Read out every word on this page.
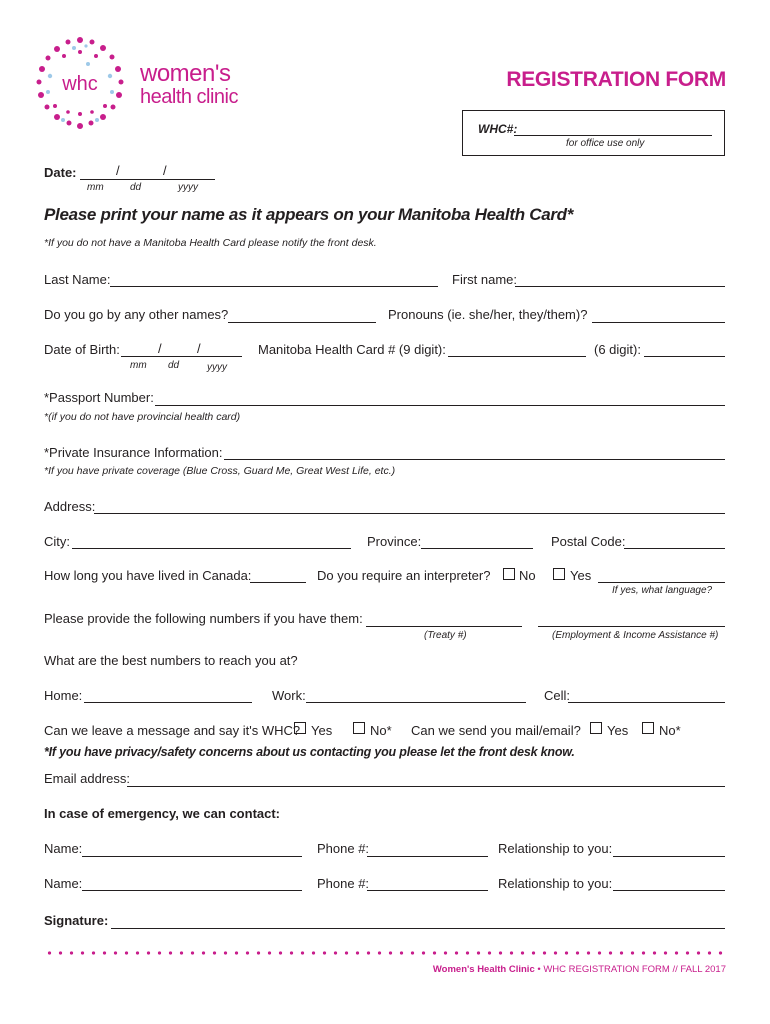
whc women's
health clinic
REGISTRATION FORM
WHC#:
for office use only
Date:	/	/
mm	dd	yyyy
Please print your name as it appears on your Manitoba Health Card*
*If you do not have a Manitoba Health Card please notify the front desk.
Last Name:	First name:
Do you go by any other names?	Pronouns (ie. she/her, they/them)?
Date of Birth:	/	/
mm dd	yyyy
Manitoba Health Card # (9 digit):	(6 digit):
*Passport Number:
*(if you do not have provincial health card)
*Private Insurance Information:
*If you have private coverage (Blue Cross, Guard Me, Great West Life, etc.)
Address:
City:	Province:	Postal Code:
How long you have lived in Canada:	Do you require an interpreter? No	Yes
If yes, what language?
Please provide the following numbers if you have them:
(Treaty #)	(Employment & Income Assistance #)
What are the best numbers to reach you at?
Home:	Work:	Cell:
Can we leave a message and say it's WHC? Yes	No* Can we send you mail/email? Yes No*
*If you have privacy/safety concerns about us contacting you please let the front desk know.
Email address:
In case of emergency, we can contact:
Name:	Phone #:	Relationship to you:
Name:	Phone #:	Relationship to you:
Signature:
Women's Health Clinic • WHC REGISTRATION FORM // FALL 2017
